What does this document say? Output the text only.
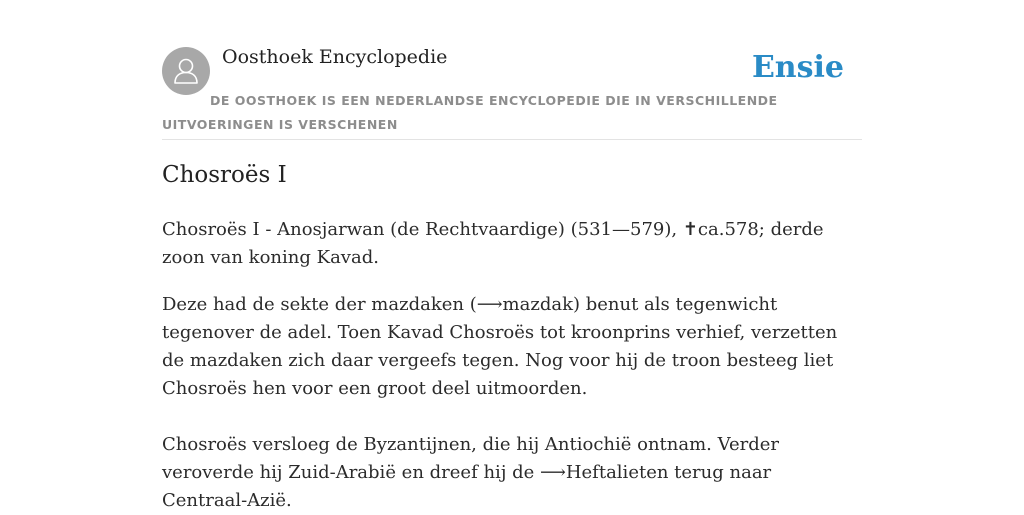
Oosthoek Encyclopedie	Ensie
DE OOSTHOEK IS EEN NEDERLANDSE ENCYCLOPEDIE DIE IN VERSCHILLENDE UITVOERINGEN IS VERSCHENEN
Chosroës I

Chosroës I - Anosjarwan (de Rechtvaardige) (531—579), ✝ca.578; derde zoon van koning Kavad.

Deze had de sekte der mazdaken (⟶mazdak) benut als tegenwicht tegenover de adel. Toen Kavad Chosroës tot kroonprins verhief, verzetten de mazdaken zich daar vergeefs tegen. Nog voor hij de troon besteeg liet Chosroës hen voor een groot deel uitmoorden.

Chosroës versloeg de Byzantijnen, die hij Antiochië ontnam. Verder veroverde hij Zuid-Arabië en dreef hij de ⟶Heftalieten terug naar Centraal-Azië.
